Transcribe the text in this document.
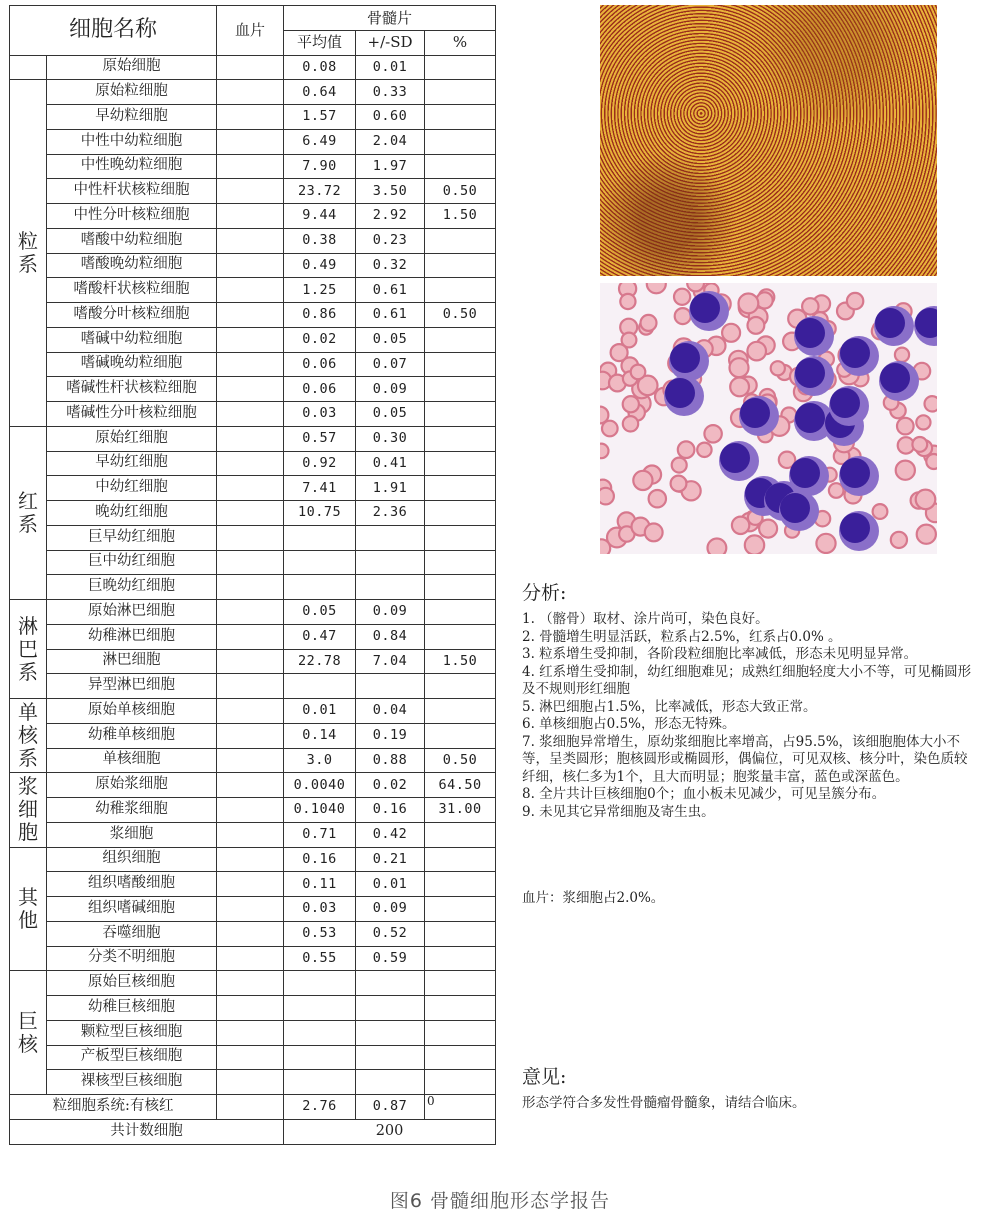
细胞名称		血片	骨髓片		
			平均值	+/-SD	%
	原始细胞		0.08	0.01	
粒
系	原始粒细胞		0.64	0.33	
	早幼粒细胞		1.57	0.60	
	中性中幼粒细胞		6.49	2.04	
	中性晚幼粒细胞		7.90	1.97	
	中性杆状核粒细胞		23.72	3.50	0.50
	中性分叶核粒细胞		9.44	2.92	1.50
	嗜酸中幼粒细胞		0.38	0.23	
	嗜酸晚幼粒细胞		0.49	0.32	
	嗜酸杆状核粒细胞		1.25	0.61	
	嗜酸分叶核粒细胞		0.86	0.61	0.50
	嗜碱中幼粒细胞		0.02	0.05	
	嗜碱晚幼粒细胞		0.06	0.07	
	嗜碱性杆状核粒细胞		0.06	0.09	
	嗜碱性分叶核粒细胞		0.03	0.05	
红
系	原始红细胞		0.57	0.30	
	早幼红细胞		0.92	0.41	
	中幼红细胞		7.41	1.91	
	晚幼红细胞		10.75	2.36	
	巨早幼红细胞				
	巨中幼红细胞				
	巨晚幼红细胞				
淋
巴
系	原始淋巴细胞		0.05	0.09	
	幼稚淋巴细胞		0.47	0.84	
	淋巴细胞		22.78	7.04	1.50
	异型淋巴细胞				
单
核
系	原始单核细胞		0.01	0.04	
	幼稚单核细胞		0.14	0.19	
	单核细胞		3.0	0.88	0.50
浆
细
胞	原始浆细胞		0.0040	0.02	64.50
	幼稚浆细胞		0.1040	0.16	31.00
	浆细胞		0.71	0.42	
其
他	组织细胞		0.16	0.21	
	组织嗜酸细胞		0.11	0.01	
	组织嗜碱细胞		0.03	0.09	
	吞噬细胞		0.53	0.52	
	分类不明细胞		0.55	0.59	
巨
核	原始巨核细胞				
	幼稚巨核细胞				
	颗粒型巨核细胞				
	产板型巨核细胞				
	裸核型巨核细胞				
粒细胞系统:有核红			2.76	0.87	0
共计数细胞			200		
分析:

1. （髂骨）取材、涂片尚可，染色良好。

2. 骨髓增生明显活跃，粒系占2.5%，红系占0.0% 。

3. 粒系增生受抑制，各阶段粒细胞比率减低，形态未见明显异常。

4. 红系增生受抑制，幼红细胞难见；成熟红细胞轻度大小不等，可见椭圆形及不规则形红细胞

5. 淋巴细胞占1.5%，比率减低，形态大致正常。

6. 单核细胞占0.5%，形态无特殊。

7. 浆细胞异常增生，原幼浆细胞比率增高，占95.5%，该细胞胞体大小不等，呈类圆形；胞核圆形或椭圆形，偶偏位，可见双核、核分叶，染色质较纤细，核仁多为1个，且大而明显；胞浆量丰富，蓝色或深蓝色。

8. 全片共计巨核细胞0个；血小板未见减少，可见呈簇分布。

9. 未见其它异常细胞及寄生虫。

血片：浆细胞占2.0%。
意见:
形态学符合多发性骨髓瘤骨髓象，请结合临床。
图6 骨髓细胞形态学报告
